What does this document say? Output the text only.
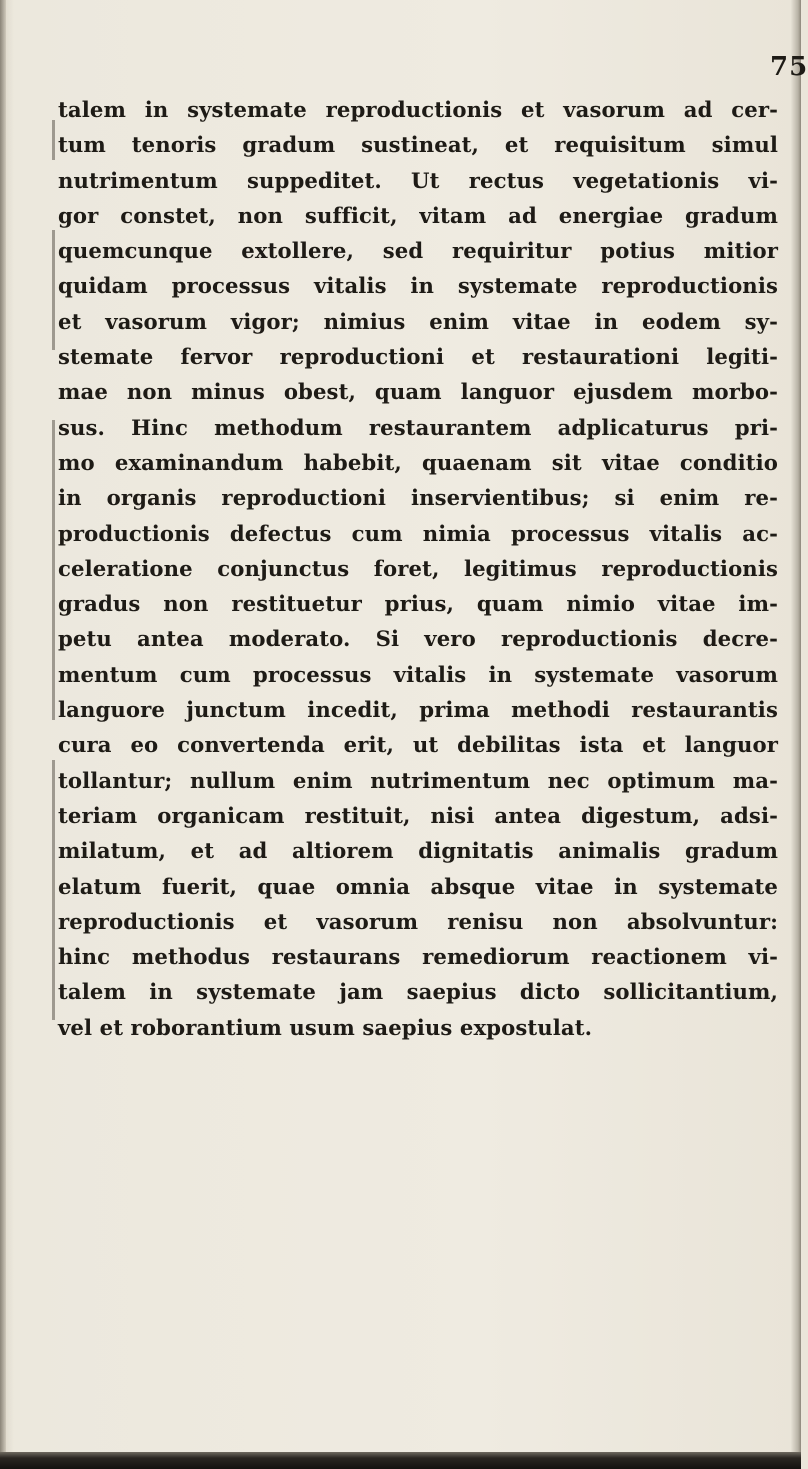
75
talem in systemate reproductionis et vasorum ad cer-
tum tenoris gradum sustineat, et requisitum simul
nutrimentum suppeditet. Ut rectus vegetationis vi-
gor constet, non sufficit, vitam ad energiae gradum
quemcunque extollere, sed requiritur potius mitior
quidam processus vitalis in systemate reproductionis
et vasorum vigor; nimius enim vitae in eodem sy-
stemate fervor reproductioni et restaurationi legiti-
mae non minus obest, quam languor ejusdem morbo-
sus. Hinc methodum restaurantem adplicaturus pri-
mo examinandum habebit, quaenam sit vitae conditio
in organis reproductioni inservientibus; si enim re-
productionis defectus cum nimia processus vitalis ac-
celeratione conjunctus foret, legitimus reproductionis
gradus non restituetur prius, quam nimio vitae im-
petu antea moderato. Si vero reproductionis decre-
mentum cum processus vitalis in systemate vasorum
languore junctum incedit, prima methodi restaurantis
cura eo convertenda erit, ut debilitas ista et languor
tollantur; nullum enim nutrimentum nec optimum ma-
teriam organicam restituit, nisi antea digestum, adsi-
milatum, et ad altiorem dignitatis animalis gradum
elatum fuerit, quae omnia absque vitae in systemate
reproductionis et vasorum renisu non absolvuntur:
hinc methodus restaurans remediorum reactionem vi-
talem in systemate jam saepius dicto sollicitantium,
vel et roborantium usum saepius expostulat.
